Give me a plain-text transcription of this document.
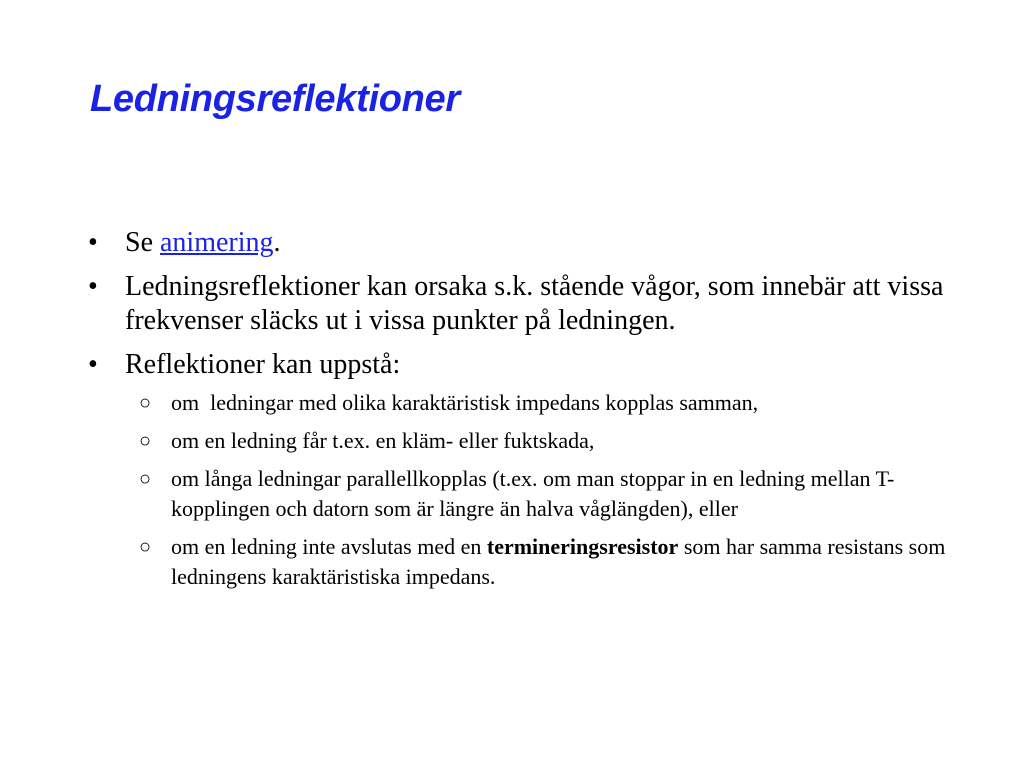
Ledningsreflektioner
• Se animering.
• Ledningsreflektioner kan orsaka s.k. stående vågor, som innebär att vissa frekvenser släcks ut i vissa punkter på ledningen.
• Reflektioner kan uppstå:
○ om  ledningar med olika karaktäristisk impedans kopplas samman,
○ om en ledning får t.ex. en kläm- eller fuktskada,
○ om långa ledningar parallellkopplas (t.ex. om man stoppar in en ledning mellan T-kopplingen och datorn som är längre än halva våglängden), eller
○ om en ledning inte avslutas med en termineringsresistor som har samma resistans som ledningens karaktäristiska impedans.
